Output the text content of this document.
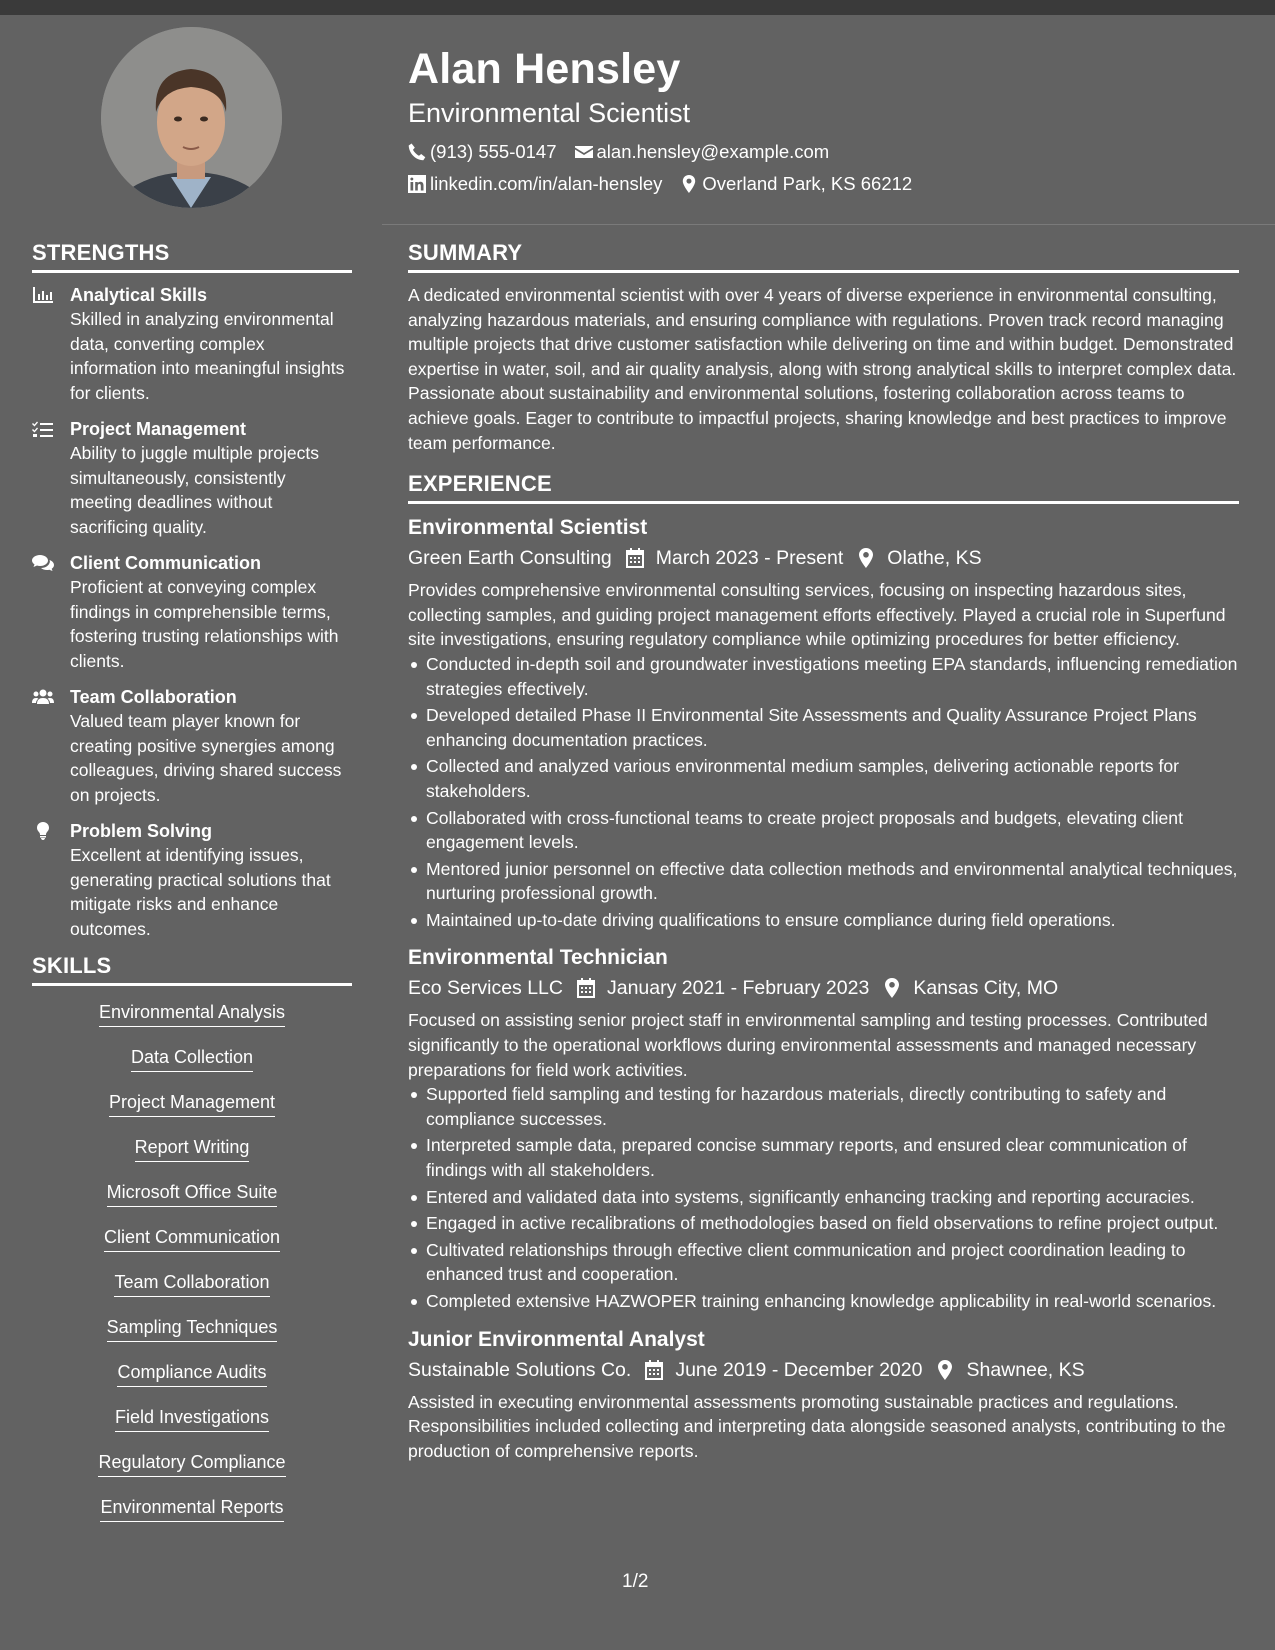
STRENGTHS
Analytical Skills
Skilled in analyzing environmental data, converting complex information into meaningful insights for clients.
Project Management
Ability to juggle multiple projects simultaneously, consistently meeting deadlines without sacrificing quality.
Client Communication
Proficient at conveying complex findings in comprehensible terms, fostering trusting relationships with clients.
Team Collaboration
Valued team player known for creating positive synergies among colleagues, driving shared success on projects.
Problem Solving
Excellent at identifying issues, generating practical solutions that mitigate risks and enhance outcomes.
SKILLS
Environmental Analysis
Data Collection
Project Management
Report Writing
Microsoft Office Suite
Client Communication
Team Collaboration
Sampling Techniques
Compliance Audits
Field Investigations
Regulatory Compliance
Environmental Reports
Alan Hensley
Environmental Scientist
(913) 555-0147 alan.hensley@example.com
linkedin.com/in/alan-hensley Overland Park, KS 66212
SUMMARY

A dedicated environmental scientist with over 4 years of diverse experience in environmental consulting, analyzing hazardous materials, and ensuring compliance with regulations. Proven track record managing multiple projects that drive customer satisfaction while delivering on time and within budget. Demonstrated expertise in water, soil, and air quality analysis, along with strong analytical skills to interpret complex data. Passionate about sustainability and environmental solutions, fostering collaboration across teams to achieve goals. Eager to contribute to impactful projects, sharing knowledge and best practices to improve team performance.

EXPERIENCE
Environmental Scientist
Green Earth Consulting March 2023 - Present Olathe, KS

Provides comprehensive environmental consulting services, focusing on inspecting hazardous sites, collecting samples, and guiding project management efforts effectively. Played a crucial role in Superfund site investigations, ensuring regulatory compliance while optimizing procedures for better efficiency.

Conducted in-depth soil and groundwater investigations meeting EPA standards, influencing remediation strategies effectively.
Developed detailed Phase II Environmental Site Assessments and Quality Assurance Project Plans enhancing documentation practices.
Collected and analyzed various environmental medium samples, delivering actionable reports for stakeholders.
Collaborated with cross-functional teams to create project proposals and budgets, elevating client engagement levels.
Mentored junior personnel on effective data collection methods and environmental analytical techniques, nurturing professional growth.
Maintained up-to-date driving qualifications to ensure compliance during field operations.
Environmental Technician
Eco Services LLC January 2021 - February 2023 Kansas City, MO

Focused on assisting senior project staff in environmental sampling and testing processes. Contributed significantly to the operational workflows during environmental assessments and managed necessary preparations for field work activities.

Supported field sampling and testing for hazardous materials, directly contributing to safety and compliance successes.
Interpreted sample data, prepared concise summary reports, and ensured clear communication of findings with all stakeholders.
Entered and validated data into systems, significantly enhancing tracking and reporting accuracies.
Engaged in active recalibrations of methodologies based on field observations to refine project output.
Cultivated relationships through effective client communication and project coordination leading to enhanced trust and cooperation.
Completed extensive HAZWOPER training enhancing knowledge applicability in real-world scenarios.
Junior Environmental Analyst
Sustainable Solutions Co. June 2019 - December 2020 Shawnee, KS

Assisted in executing environmental assessments promoting sustainable practices and regulations. Responsibilities included collecting and interpreting data alongside seasoned analysts, contributing to the production of comprehensive reports.

1/2
